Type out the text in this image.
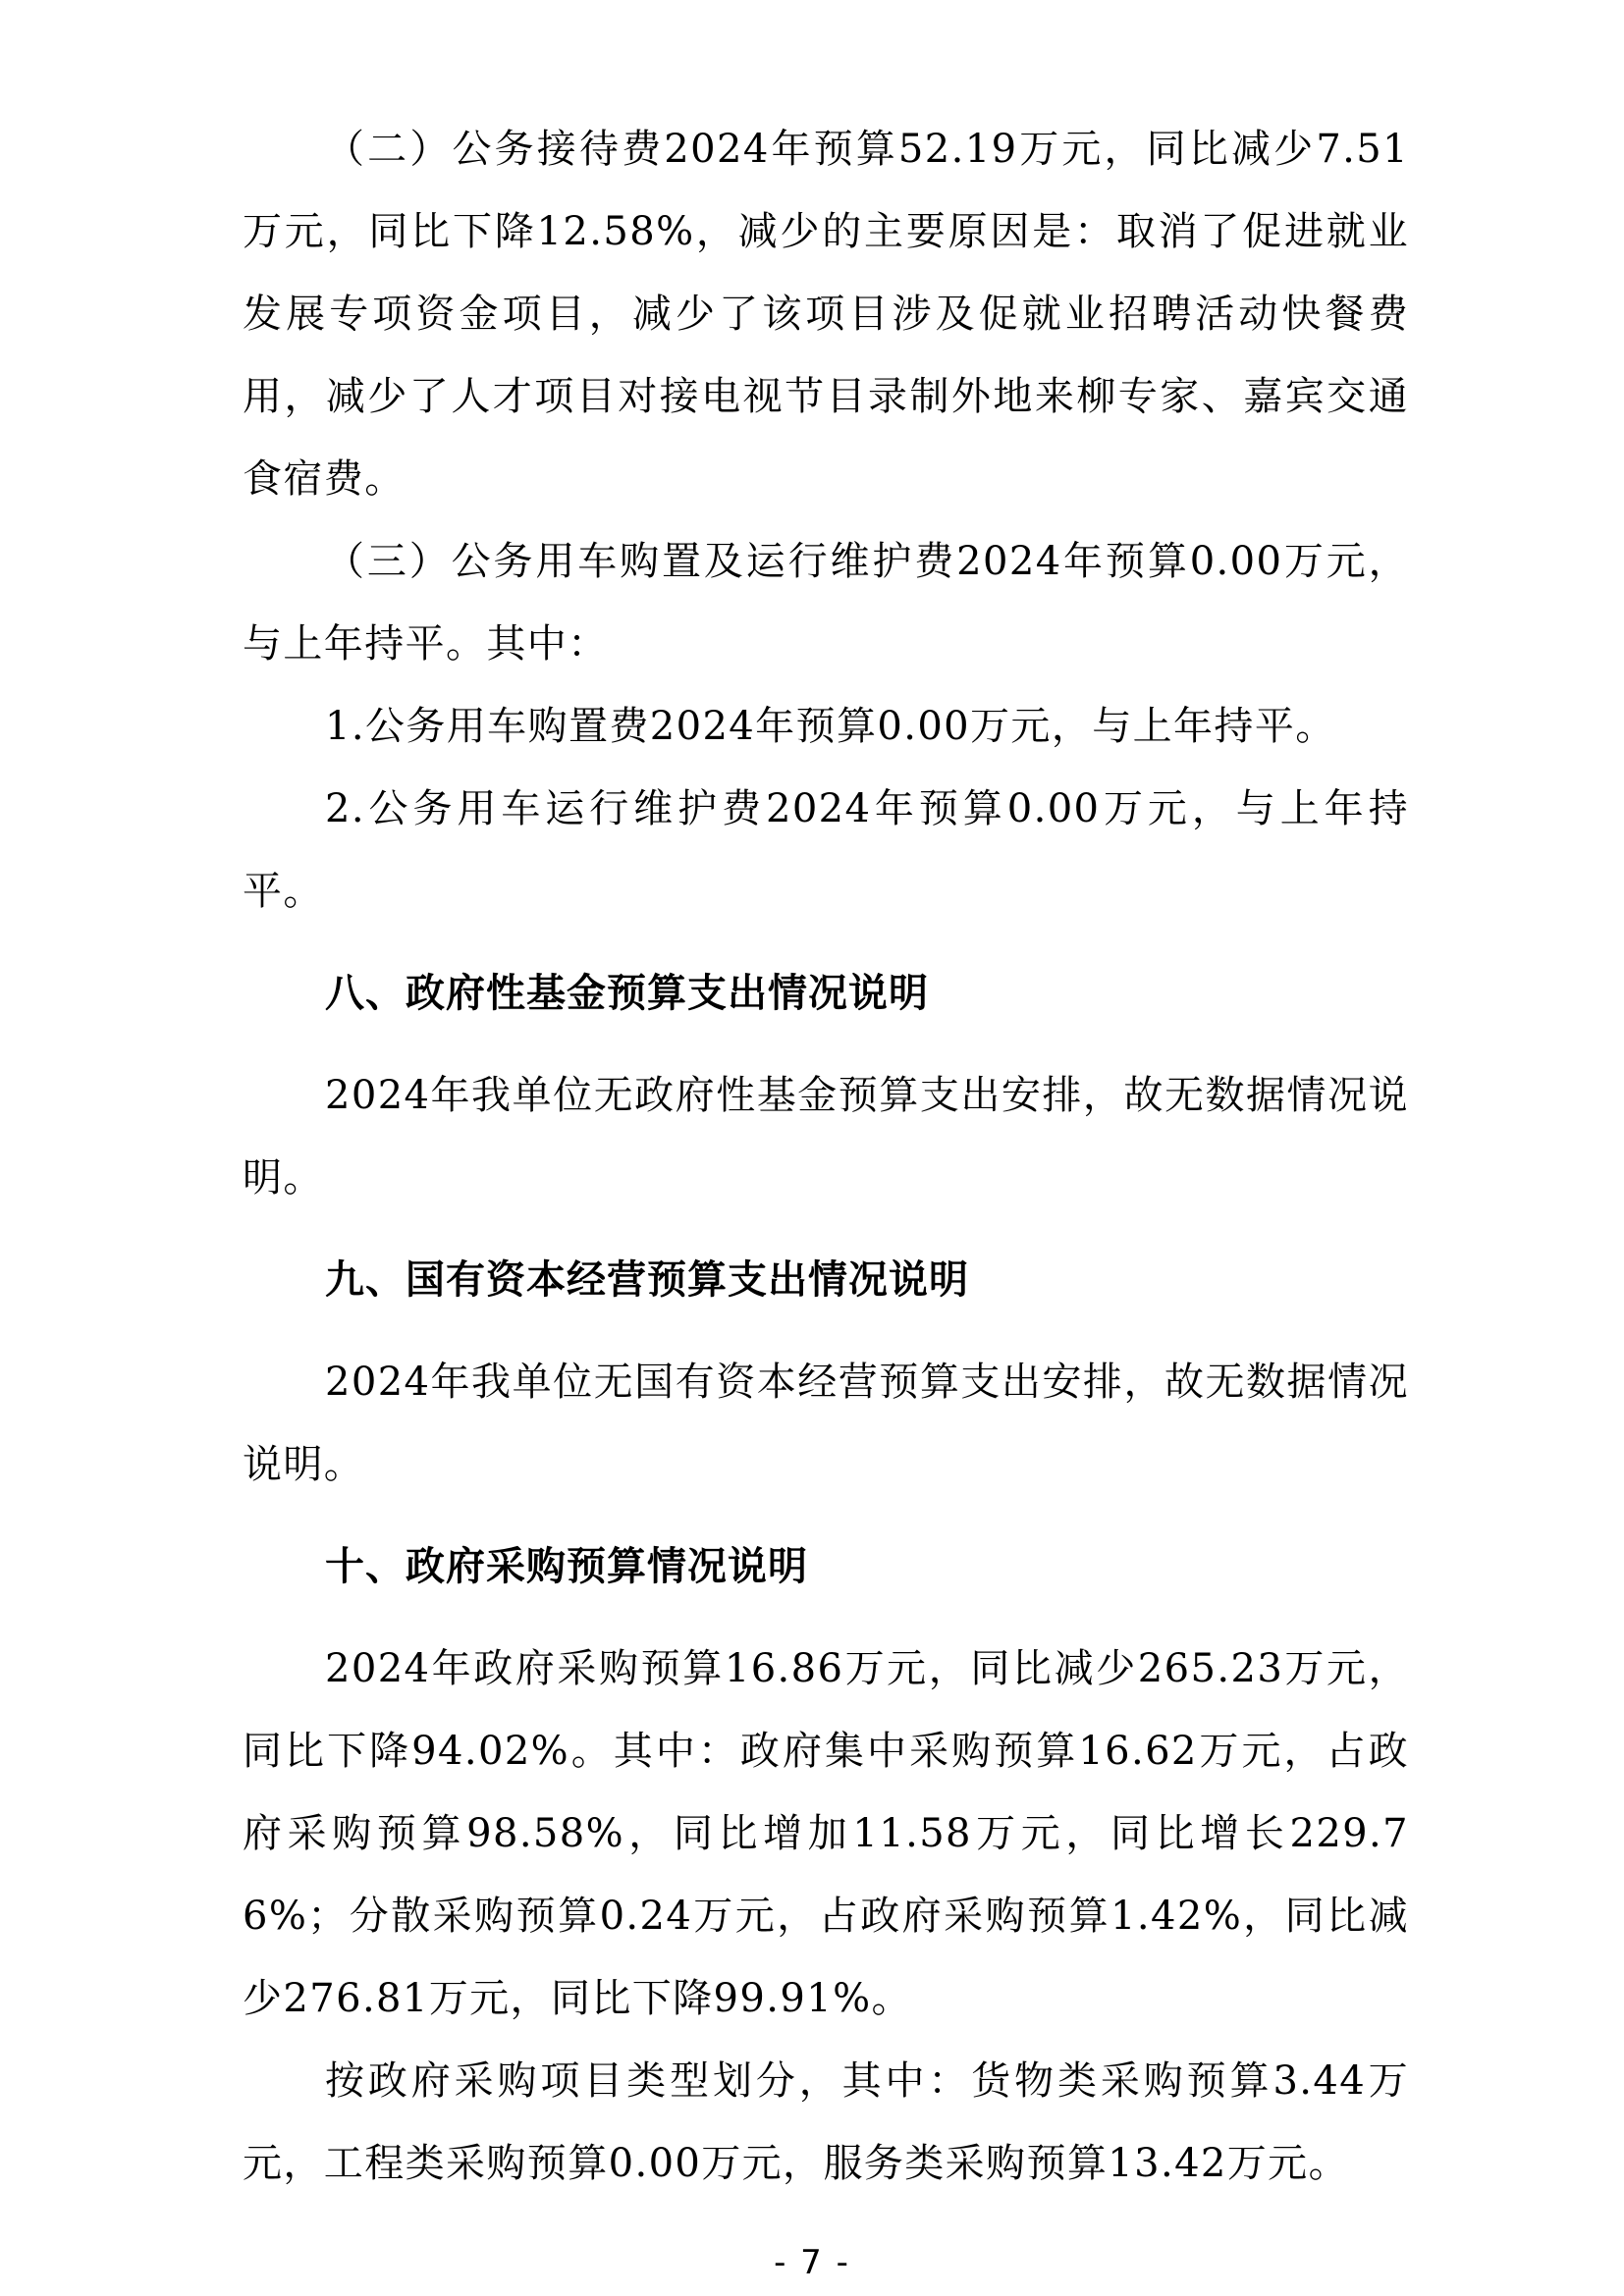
（二）公务接待费2024年预算52.19万元，同比减少7.51万元，同比下降12.58%，减少的主要原因是：取消了促进就业发展专项资金项目，减少了该项目涉及促就业招聘活动快餐费用，减少了人才项目对接电视节目录制外地来柳专家、嘉宾交通食宿费。

（三）公务用车购置及运行维护费2024年预算0.00万元，与上年持平。其中：

1.公务用车购置费2024年预算0.00万元，与上年持平。

2.公务用车运行维护费2024年预算0.00万元，与上年持平。

八、政府性基金预算支出情况说明

2024年我单位无政府性基金预算支出安排，故无数据情况说明。

九、国有资本经营预算支出情况说明

2024年我单位无国有资本经营预算支出安排，故无数据情况说明。

十、政府采购预算情况说明

2024年政府采购预算16.86万元，同比减少265.23万元，同比下降94.02%。其中：政府集中采购预算16.62万元，占政府采购预算98.58%，同比增加11.58万元，同比增长229.76%；分散采购预算0.24万元，占政府采购预算1.42%，同比减少276.81万元，同比下降99.91%。

按政府采购项目类型划分，其中：货物类采购预算3.44万元，工程类采购预算0.00万元，服务类采购预算13.42万元。

- 7 -
